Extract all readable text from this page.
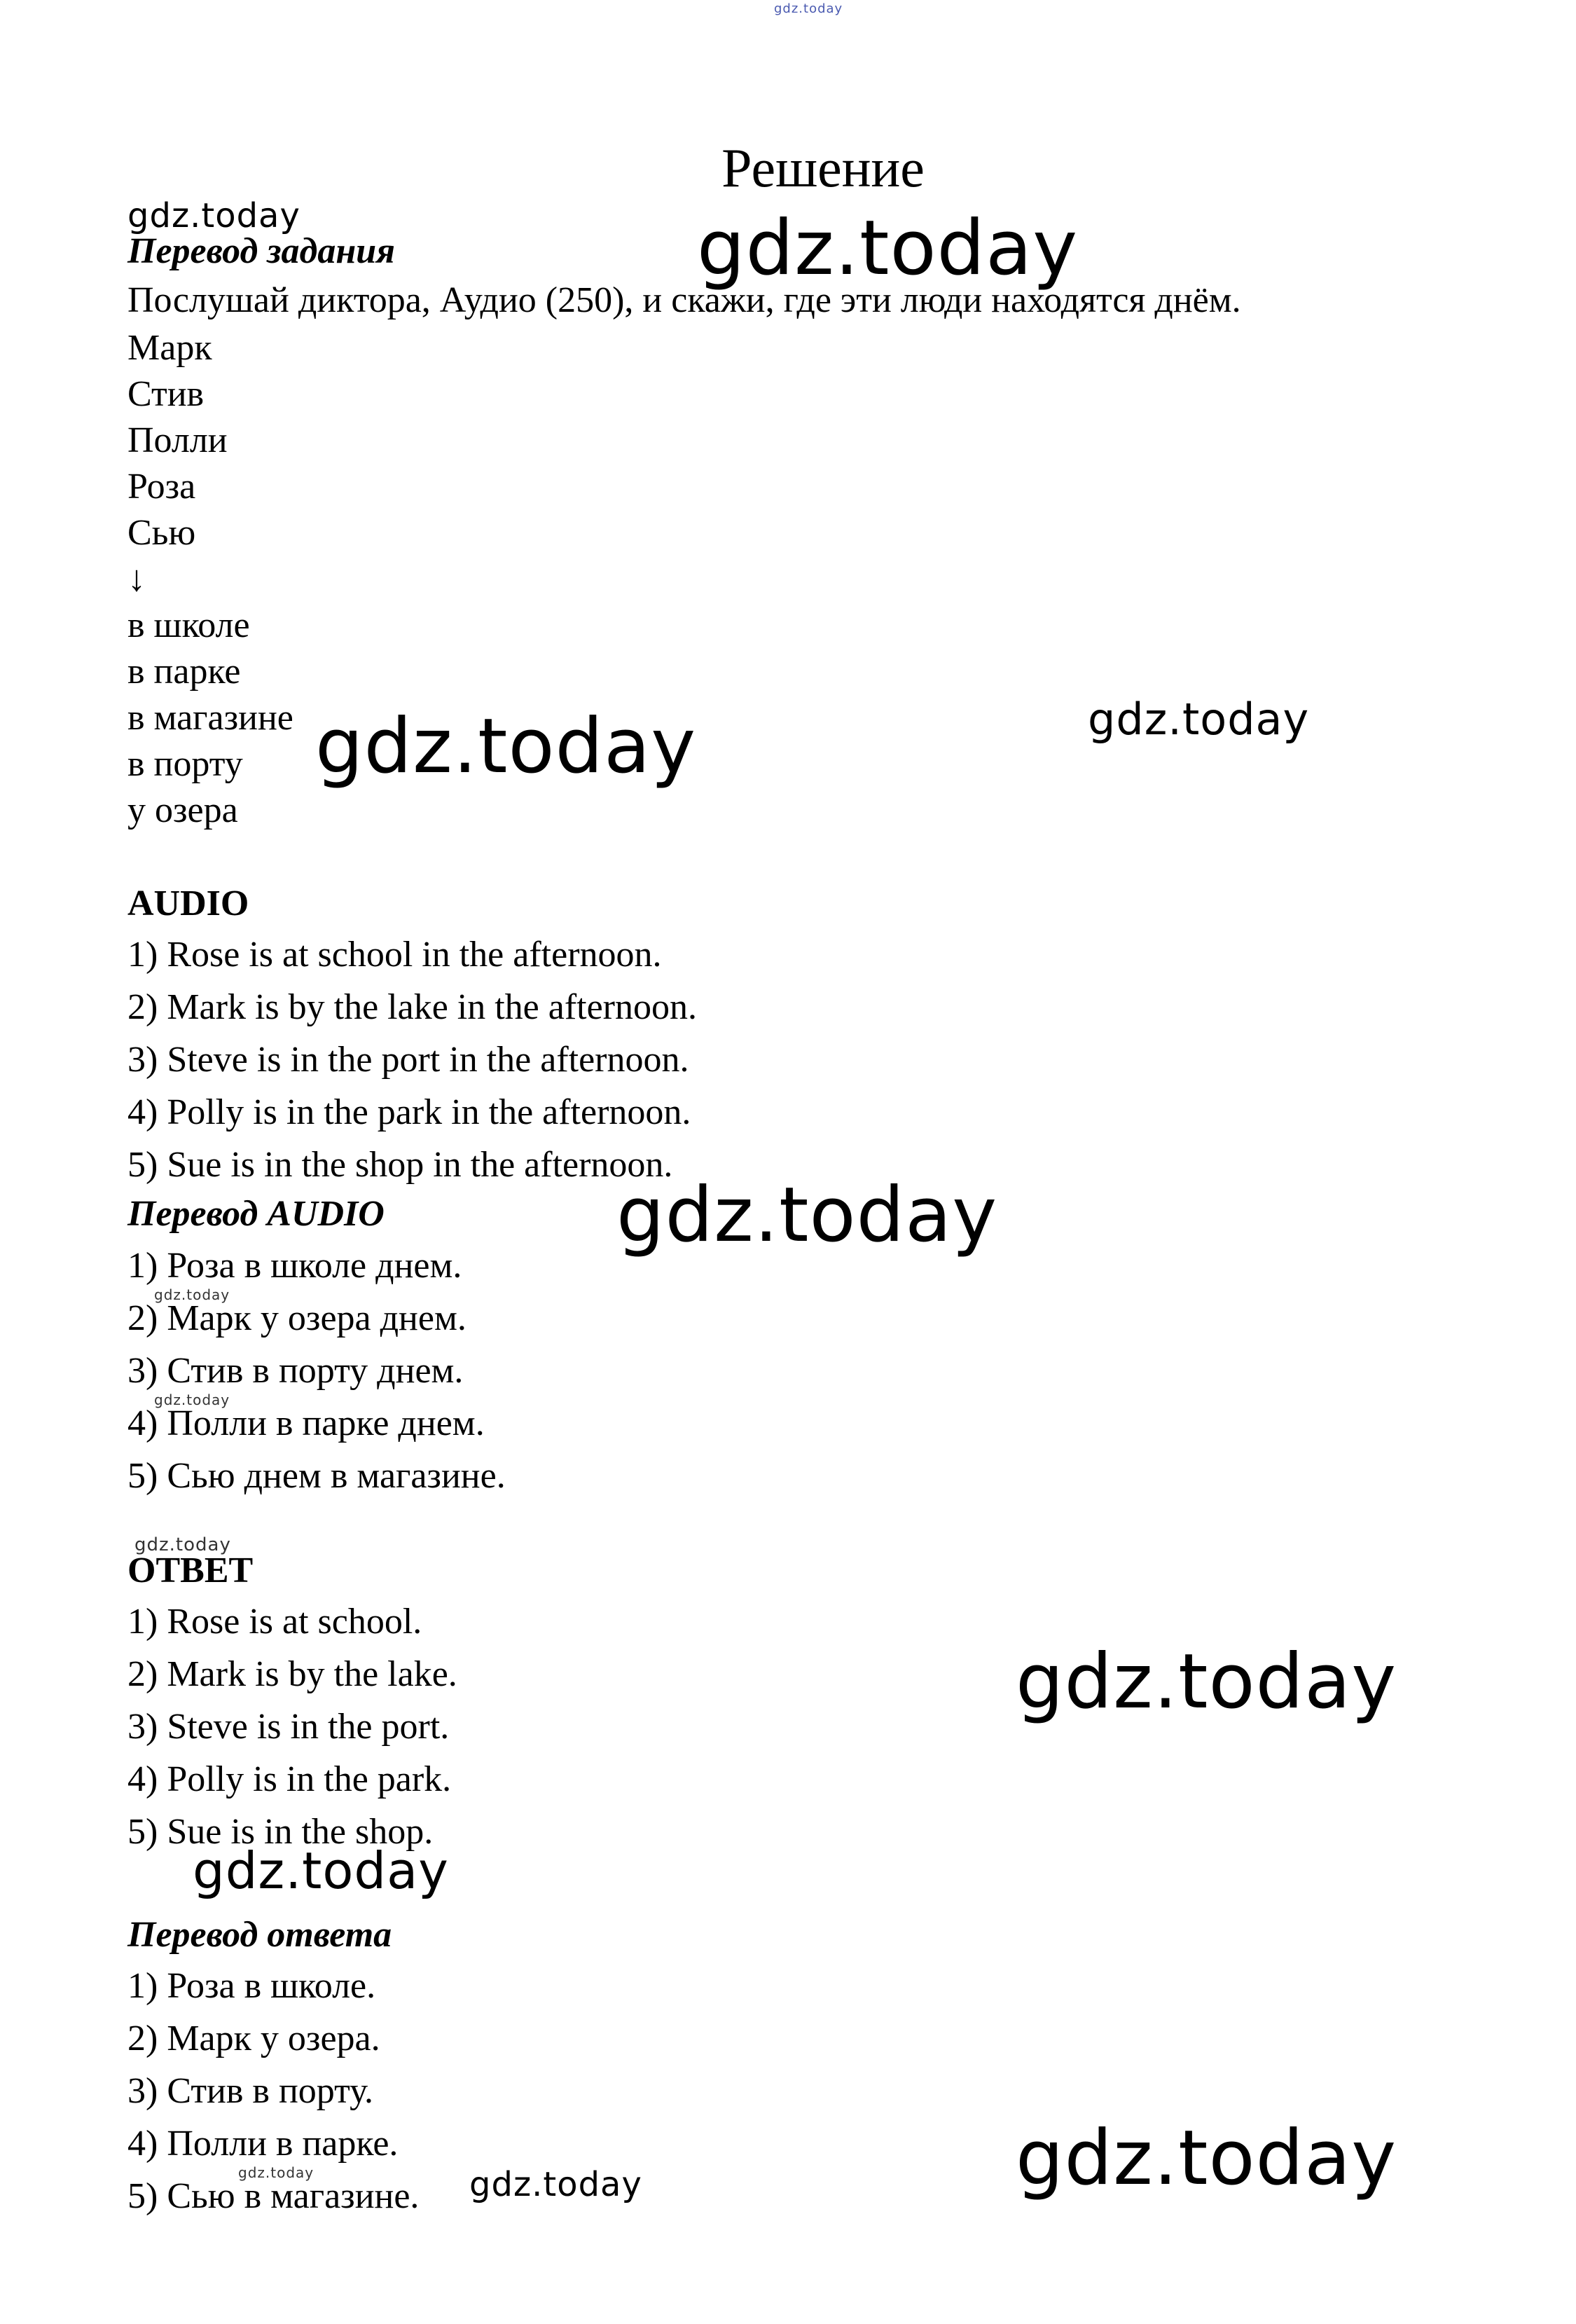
gdz.today
Решение
gdz.today
Перевод задания
Послушай диктора, Аудио (250), и скажи, где эти люди находятся днём.
Марк
Стив
Полли
Роза
Сью
↓
в школе
в парке
в магазине
в порту
у озера
gdz.today
gdz.today	gdz.today
AUDIO
1) Rose is at school in the afternoon.
2) Mark is by the lake in the afternoon.
3) Steve is in the port in the afternoon.
4) Polly is in the park in the afternoon.
5) Sue is in the shop in the afternoon.
Перевод AUDIO	gdz.today
1) Роза в школе днем.
gdz.today
2) Марк у озера днем.
3) Стив в порту днем.
gdz.today
4) Полли в парке днем.
5) Сью днем в магазине.
gdz.today
ОТВЕТ
1) Rose is at school.
2) Mark is by the lake.
3) Steve is in the port.
4) Polly is in the park.
5) Sue is in the shop.
gdz.today
gdz.today
Перевод ответа
1) Роза в школе.
2) Марк у озера.
3) Стив в порту.
4) Полли в парке.
gdz.today
5) Сью в магазине. gdz.today	gdz.today
